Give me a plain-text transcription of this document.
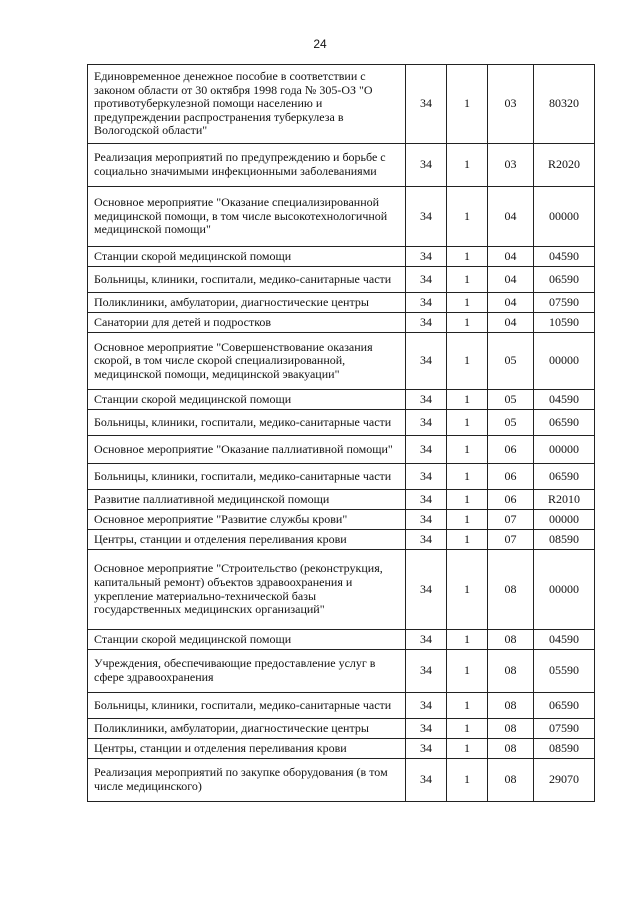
24
Единовременное денежное пособие в соответствии с законом области от 30 октября 1998 года № 305-ОЗ "О противотуберкулезной помощи населению и предупреждении распространения туберкулеза в Вологодской области"	34	1	03	80320
Реализация мероприятий по предупреждению и борьбе с социально значимыми инфекционными заболеваниями	34	1	03	R2020
Основное мероприятие "Оказание специализированной медицинской помощи, в том числе высокотехнологичной медицинской помощи"	34	1	04	00000
Станции скорой медицинской помощи	34	1	04	04590
Больницы, клиники, госпитали, медико-санитарные части	34	1	04	06590
Поликлиники, амбулатории, диагностические центры	34	1	04	07590
Санатории для детей и подростков	34	1	04	10590
Основное мероприятие "Совершенствование оказания скорой, в том числе скорой специализированной, медицинской помощи, медицинской эвакуации"	34	1	05	00000
Станции скорой медицинской помощи	34	1	05	04590
Больницы, клиники, госпитали, медико-санитарные части	34	1	05	06590
Основное мероприятие "Оказание паллиативной помощи"	34	1	06	00000
Больницы, клиники, госпитали, медико-санитарные части	34	1	06	06590
Развитие паллиативной медицинской помощи	34	1	06	R2010
Основное мероприятие "Развитие службы крови"	34	1	07	00000
Центры, станции и отделения переливания крови	34	1	07	08590
Основное мероприятие "Строительство (реконструкция, капитальный ремонт) объектов здравоохранения и укрепление материально-технической базы государственных медицинских организаций"	34	1	08	00000
Станции скорой медицинской помощи	34	1	08	04590
Учреждения, обеспечивающие предоставление услуг в сфере здравоохранения	34	1	08	05590
Больницы, клиники, госпитали, медико-санитарные части	34	1	08	06590
Поликлиники, амбулатории, диагностические центры	34	1	08	07590
Центры, станции и отделения переливания крови	34	1	08	08590
Реализация мероприятий по закупке оборудования (в том числе медицинского)	34	1	08	29070
